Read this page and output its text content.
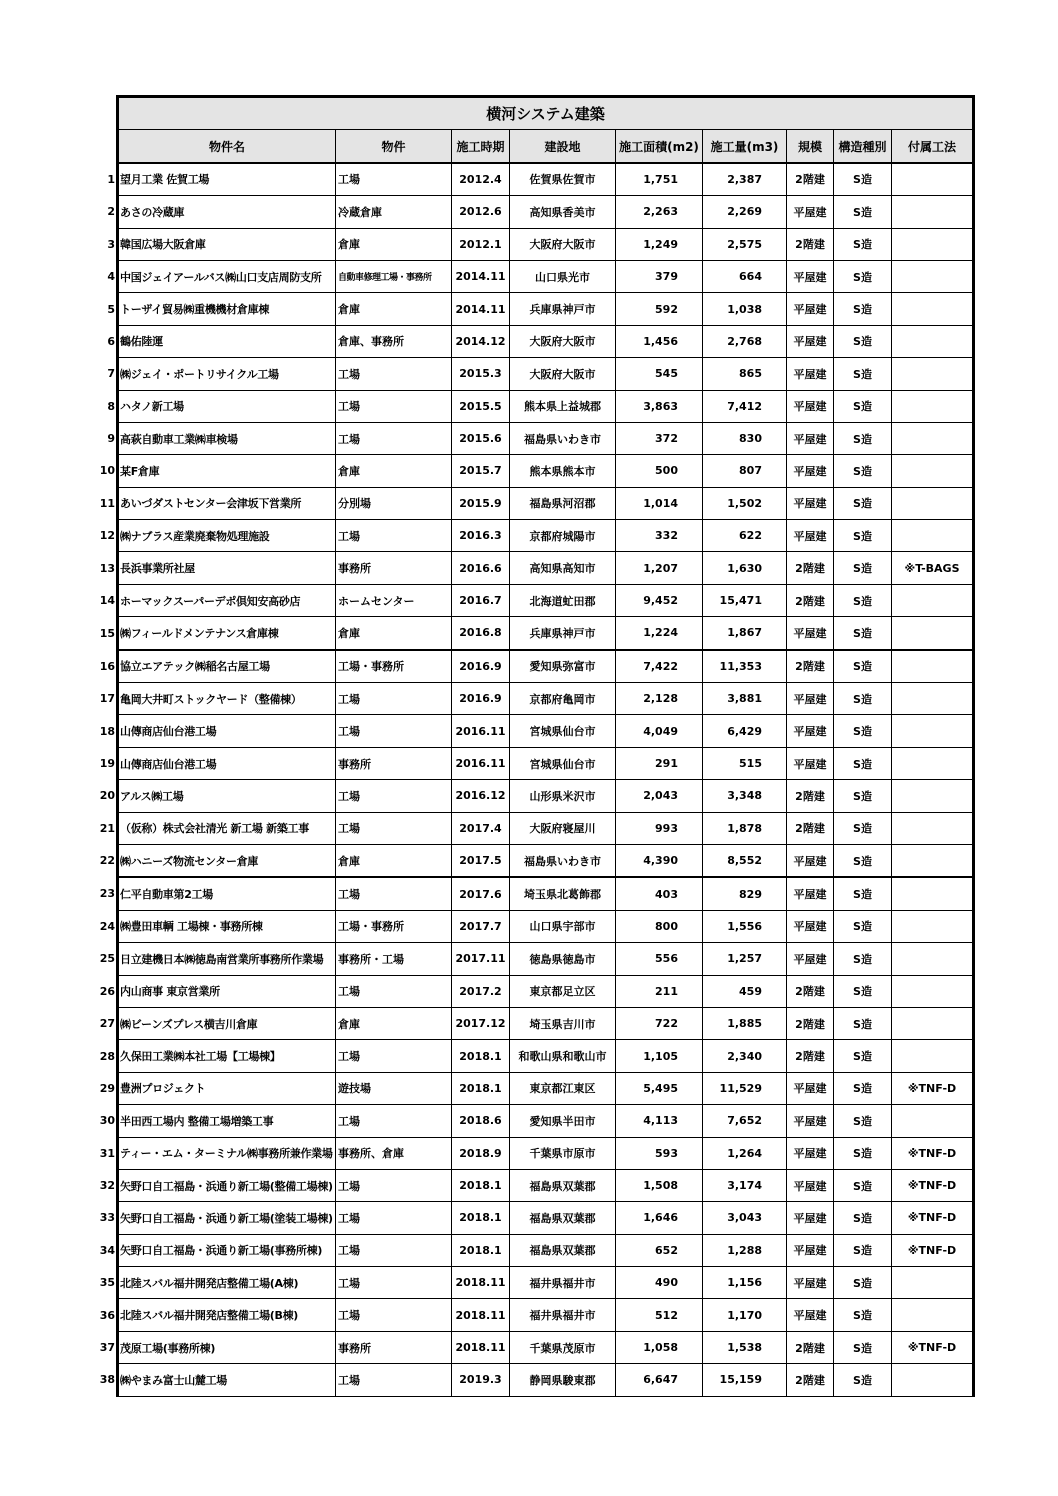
	横河システム建築								
	物件名	物件	施工時期	建設地	施工面積(m2)	施工量(m3)	規模	構造種別	付属工法
1	望月工業 佐賀工場	工場	2012.4	佐賀県佐賀市	1,751	2,387	2階建	S造	
2	あさの冷蔵庫	冷蔵倉庫	2012.6	高知県香美市	2,263	2,269	平屋建	S造	
3	韓国広場大阪倉庫	倉庫	2012.1	大阪府大阪市	1,249	2,575	2階建	S造	
4	中国ジェイアールバス㈱山口支店周防支所	自動車修理工場・事務所	2014.11	山口県光市	379	664	平屋建	S造	
5	トーザイ貿易㈱重機機材倉庫棟	倉庫	2014.11	兵庫県神戸市	592	1,038	平屋建	S造	
6	鶴佑陸運	倉庫、事務所	2014.12	大阪府大阪市	1,456	2,768	平屋建	S造	
7	㈱ジェイ・ポートリサイクル工場	工場	2015.3	大阪府大阪市	545	865	平屋建	S造	
8	ハタノ新工場	工場	2015.5	熊本県上益城郡	3,863	7,412	平屋建	S造	
9	高萩自動車工業㈱車検場	工場	2015.6	福島県いわき市	372	830	平屋建	S造	
10	某F倉庫	倉庫	2015.7	熊本県熊本市	500	807	平屋建	S造	
11	あいづダストセンター会津坂下営業所	分別場	2015.9	福島県河沼郡	1,014	1,502	平屋建	S造	
12	㈱ナブラス産業廃棄物処理施設	工場	2016.3	京都府城陽市	332	622	平屋建	S造	
13	長浜事業所社屋	事務所	2016.6	高知県高知市	1,207	1,630	2階建	S造	※T-BAGS
14	ホーマックスーパーデポ倶知安高砂店	ホームセンター	2016.7	北海道虻田郡	9,452	15,471	2階建	S造	
15	㈱フィールドメンテナンス倉庫棟	倉庫	2016.8	兵庫県神戸市	1,224	1,867	平屋建	S造	
16	協立エアテック㈱稲名古屋工場	工場・事務所	2016.9	愛知県弥富市	7,422	11,353	2階建	S造	
17	亀岡大井町ストックヤード（整備棟）	工場	2016.9	京都府亀岡市	2,128	3,881	平屋建	S造	
18	山傳商店仙台港工場	工場	2016.11	宮城県仙台市	4,049	6,429	平屋建	S造	
19	山傳商店仙台港工場	事務所	2016.11	宮城県仙台市	291	515	平屋建	S造	
20	アルス㈱工場	工場	2016.12	山形県米沢市	2,043	3,348	2階建	S造	
21	（仮称）株式会社清光 新工場 新築工事	工場	2017.4	大阪府寝屋川	993	1,878	2階建	S造	
22	㈱ハニーズ物流センター倉庫	倉庫	2017.5	福島県いわき市	4,390	8,552	平屋建	S造	
23	仁平自動車第2工場	工場	2017.6	埼玉県北葛飾郡	403	829	平屋建	S造	
24	㈱豊田車輌 工場棟・事務所棟	工場・事務所	2017.7	山口県宇部市	800	1,556	平屋建	S造	
25	日立建機日本㈱徳島南営業所事務所作業場	事務所・工場	2017.11	徳島県徳島市	556	1,257	平屋建	S造	
26	内山商事 東京営業所	工場	2017.2	東京都足立区	211	459	2階建	S造	
27	㈱ビーンズプレス横吉川倉庫	倉庫	2017.12	埼玉県吉川市	722	1,885	2階建	S造	
28	久保田工業㈱本社工場【工場棟】	工場	2018.1	和歌山県和歌山市	1,105	2,340	2階建	S造	
29	豊洲プロジェクト	遊技場	2018.1	東京都江東区	5,495	11,529	平屋建	S造	※TNF-D
30	半田西工場内 整備工場増築工事	工場	2018.6	愛知県半田市	4,113	7,652	平屋建	S造	
31	ティー・エム・ターミナル㈱事務所兼作業場	事務所、倉庫	2018.9	千葉県市原市	593	1,264	平屋建	S造	※TNF-D
32	矢野口自工福島・浜通り新工場(整備工場棟)	工場	2018.1	福島県双葉郡	1,508	3,174	平屋建	S造	※TNF-D
33	矢野口自工福島・浜通り新工場(塗装工場棟)	工場	2018.1	福島県双葉郡	1,646	3,043	平屋建	S造	※TNF-D
34	矢野口自工福島・浜通り新工場(事務所棟)	工場	2018.1	福島県双葉郡	652	1,288	平屋建	S造	※TNF-D
35	北陸スバル福井開発店整備工場(A棟)	工場	2018.11	福井県福井市	490	1,156	平屋建	S造	
36	北陸スバル福井開発店整備工場(B棟)	工場	2018.11	福井県福井市	512	1,170	平屋建	S造	
37	茂原工場(事務所棟)	事務所	2018.11	千葉県茂原市	1,058	1,538	2階建	S造	※TNF-D
38	㈱やまみ富士山麓工場	工場	2019.3	静岡県駿東郡	6,647	15,159	2階建	S造	
